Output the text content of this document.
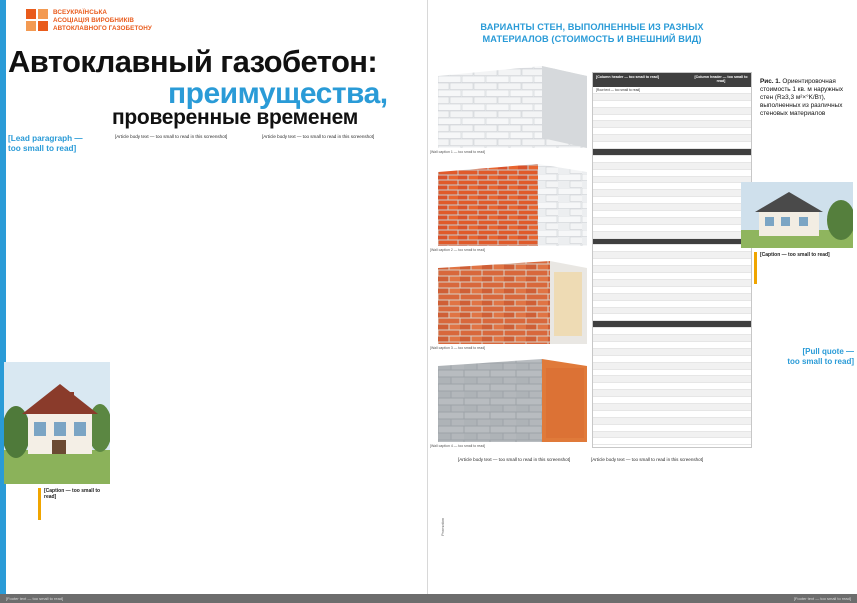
ВСЕУКРАЇНСЬКА
АСОЦІАЦІЯ ВИРОБНИКІВ
АВТОКЛАВНОГО ГАЗОБЕТОНУ
Автоклавный газобетон:
преимущества,
проверенные временем
[Lead paragraph —
too small to read]
[Caption — too small to read]

[Article body text — too small to read in this screenshot]	[Article body text — too small to read in this screenshot]

ВАРИАНТЫ СТЕН, ВЫПОЛНЕННЫЕ ИЗ РАЗНЫХ МАТЕРИАЛОВ (СТОИМОСТЬ И ВНЕШНИЙ ВИД)
[Wall caption 1 — too small to read]
[Wall caption 2 — too small to read]
[Wall caption 3 — too small to read]
[Wall caption 4 — too small to read]
[Column header — too small to read]	[Column header — too small to read]
[Row text — too small to read]
Рис. 1. Ориентировочная стоимость 1 кв. м наружных стен (R≥3,3 м²×°K/Вт), выполненных из различных стеновых материалов
[Caption — too small to read]
[Pull quote —
too small to read]
Promotion

[Article body text — too small to read in this screenshot]	[Article body text — too small to read in this screenshot]

[Footer text — too small to read]	[Footer text — too small to read]
